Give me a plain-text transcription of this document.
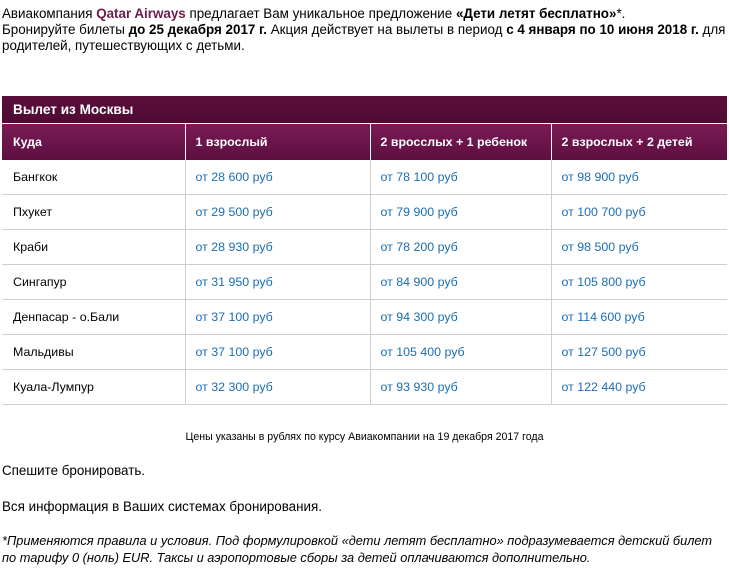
Авиакомпания Qatar Airways предлагает Вам уникальное предложение «Дети летят бесплатно»*.
Бронируйте билеты до 25 декабря 2017 г. Акция действует на вылеты в период с 4 января по 10 июня 2018 г. для родителей, путешествующих с детьми.

Вылет из Москвы
Куда	1 взрослый	2 вросслых + 1 ребенок	2 взрослых + 2 детей
Бангкок	от 28 600 руб	от 78 100 руб	от 98 900 руб
Пхукет	от 29 500 руб	от 79 900 руб	от 100 700 руб
Краби	от 28 930 руб	от 78 200 руб	от 98 500 руб
Сингапур	от 31 950 руб	от 84 900 руб	от 105 800 руб
Денпасар - о.Бали	от 37 100 руб	от 94 300 руб	от 114 600 руб
Мальдивы	от 37 100 руб	от 105 400 руб	от 127 500 руб
Куала-Лумпур	от 32 300 руб	от 93 930 руб	от 122 440 руб
Цены указаны в рублях по курсу Авиакомпании на 19 декабря 2017 года
Спешите бронировать.
Вся информация в Ваших системах бронирования.
*Применяются правила и условия. Под формулировкой «дети летят бесплатно» подразумевается детский билет по тарифу 0 (ноль) EUR. Таксы и аэропортовые сборы за детей оплачиваются дополнительно.
